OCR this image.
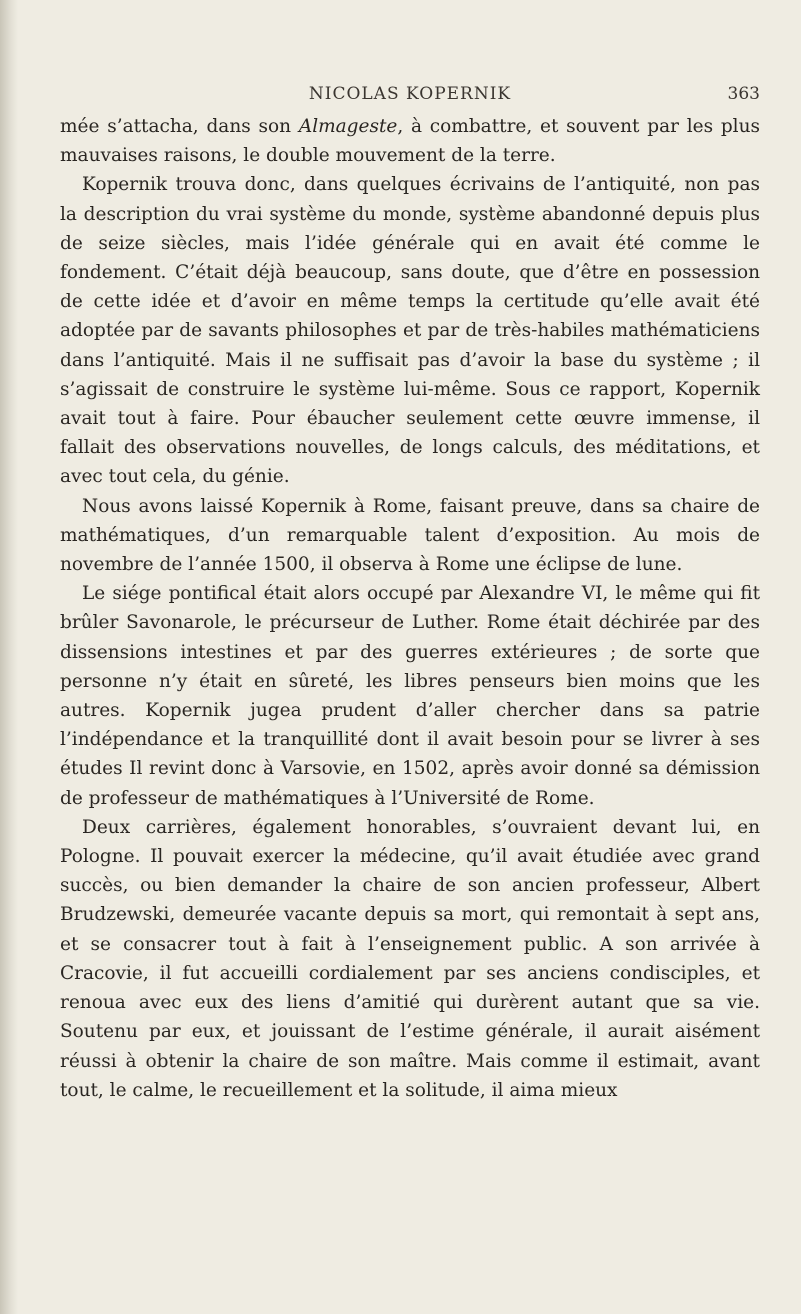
NICOLAS KOPERNIK	363

mée s’attacha, dans son Almageste, à combattre, et souvent par les plus mauvaises raisons, le double mouvement de la terre.

Kopernik trouva donc, dans quelques écrivains de l’antiquité, non pas la description du vrai système du monde, système abandonné depuis plus de seize siècles, mais l’idée générale qui en avait été comme le fondement. C’était déjà beaucoup, sans doute, que d’être en possession de cette idée et d’avoir en même temps la certitude qu’elle avait été adoptée par de savants philosophes et par de très-habiles mathématiciens dans l’antiquité. Mais il ne suffisait pas d’avoir la base du système ; il s’agissait de construire le système lui-même. Sous ce rapport, Kopernik avait tout à faire. Pour ébaucher seulement cette œuvre immense, il fallait des observations nouvelles, de longs calculs, des méditations, et avec tout cela, du génie.

Nous avons laissé Kopernik à Rome, faisant preuve, dans sa chaire de mathématiques, d’un remarquable talent d’exposition. Au mois de novembre de l’année 1500, il observa à Rome une éclipse de lune.

Le siége pontifical était alors occupé par Alexandre VI, le même qui fit brûler Savonarole, le précurseur de Luther. Rome était déchirée par des dissensions intestines et par des guerres extérieures ; de sorte que personne n’y était en sûreté, les libres penseurs bien moins que les autres. Kopernik jugea prudent d’aller chercher dans sa patrie l’indépendance et la tranquillité dont il avait besoin pour se livrer à ses études Il revint donc à Varsovie, en 1502, après avoir donné sa démission de professeur de mathématiques à l’Université de Rome.

Deux carrières, également honorables, s’ouvraient devant lui, en Pologne. Il pouvait exercer la médecine, qu’il avait étudiée avec grand succès, ou bien demander la chaire de son ancien professeur, Albert Brudzewski, demeurée vacante depuis sa mort, qui remontait à sept ans, et se consacrer tout à fait à l’enseignement public. A son arrivée à Cracovie, il fut accueilli cordialement par ses anciens condisciples, et renoua avec eux des liens d’amitié qui durèrent autant que sa vie. Soutenu par eux, et jouissant de l’estime générale, il aurait aisément réussi à obtenir la chaire de son maître. Mais comme il estimait, avant tout, le calme, le recueillement et la solitude, il aima mieux
